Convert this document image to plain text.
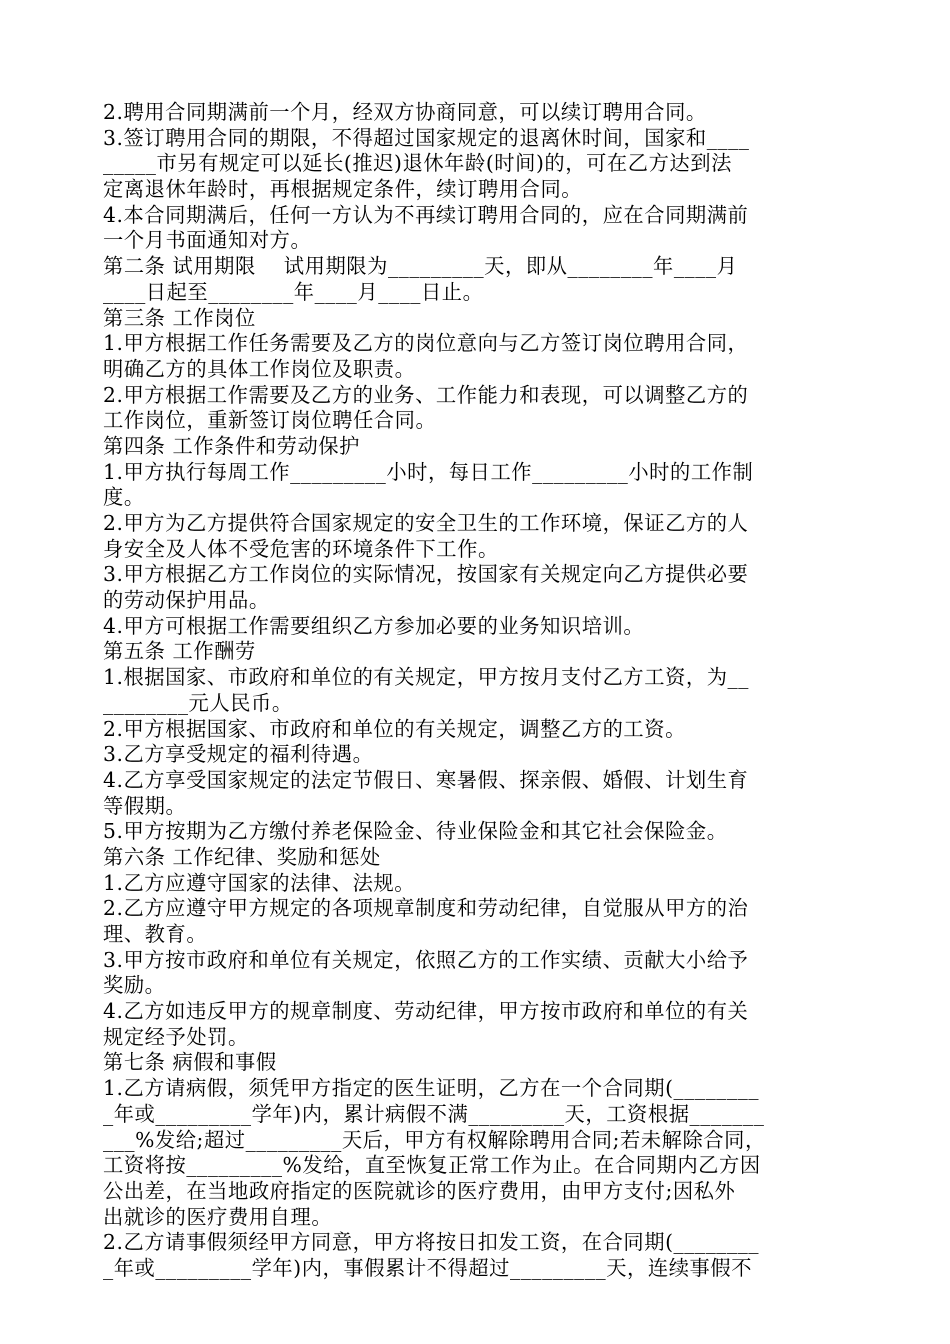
2.聘用合同期满前一个月，经双方协商同意，可以续订聘用合同。
3.签订聘用合同的期限，不得超过国家规定的退离休时间，国家和____
_____市另有规定可以延长(推迟)退休年龄(时间)的，可在乙方达到法
定离退休年龄时，再根据规定条件，续订聘用合同。
4.本合同期满后，任何一方认为不再续订聘用合同的，应在合同期满前
一个月书面通知对方。
第二条 试用期限    试用期限为_________天，即从________年____月
____日起至________年____月____日止。
第三条 工作岗位
1.甲方根据工作任务需要及乙方的岗位意向与乙方签订岗位聘用合同，
明确乙方的具体工作岗位及职责。
2.甲方根据工作需要及乙方的业务、工作能力和表现，可以调整乙方的
工作岗位，重新签订岗位聘任合同。
第四条 工作条件和劳动保护
1.甲方执行每周工作_________小时，每日工作_________小时的工作制
度。
2.甲方为乙方提供符合国家规定的安全卫生的工作环境，保证乙方的人
身安全及人体不受危害的环境条件下工作。
3.甲方根据乙方工作岗位的实际情况，按国家有关规定向乙方提供必要
的劳动保护用品。
4.甲方可根据工作需要组织乙方参加必要的业务知识培训。
第五条 工作酬劳
1.根据国家、市政府和单位的有关规定，甲方按月支付乙方工资，为__
________元人民币。
2.甲方根据国家、市政府和单位的有关规定，调整乙方的工资。
3.乙方享受规定的福利待遇。
4.乙方享受国家规定的法定节假日、寒暑假、探亲假、婚假、计划生育
等假期。
5.甲方按期为乙方缴付养老保险金、待业保险金和其它社会保险金。
第六条 工作纪律、奖励和惩处
1.乙方应遵守国家的法律、法规。
2.乙方应遵守甲方规定的各项规章制度和劳动纪律，自觉服从甲方的治
理、教育。
3.甲方按市政府和单位有关规定，依照乙方的工作实绩、贡献大小给予
奖励。
4.乙方如违反甲方的规章制度、劳动纪律，甲方按市政府和单位的有关
规定经予处罚。
第七条 病假和事假
1.乙方请病假，须凭甲方指定的医生证明，乙方在一个合同期(________
_年或_________学年)内，累计病假不满_________天，工资根据_______
___%发给;超过_________天后，甲方有权解除聘用合同;若未解除合同，
工资将按_________%发给，直至恢复正常工作为止。在合同期内乙方因
公出差，在当地政府指定的医院就诊的医疗费用，由甲方支付;因私外
出就诊的医疗费用自理。
2.乙方请事假须经甲方同意，甲方将按日扣发工资，在合同期(________
_年或_________学年)内，事假累计不得超过_________天，连续事假不
